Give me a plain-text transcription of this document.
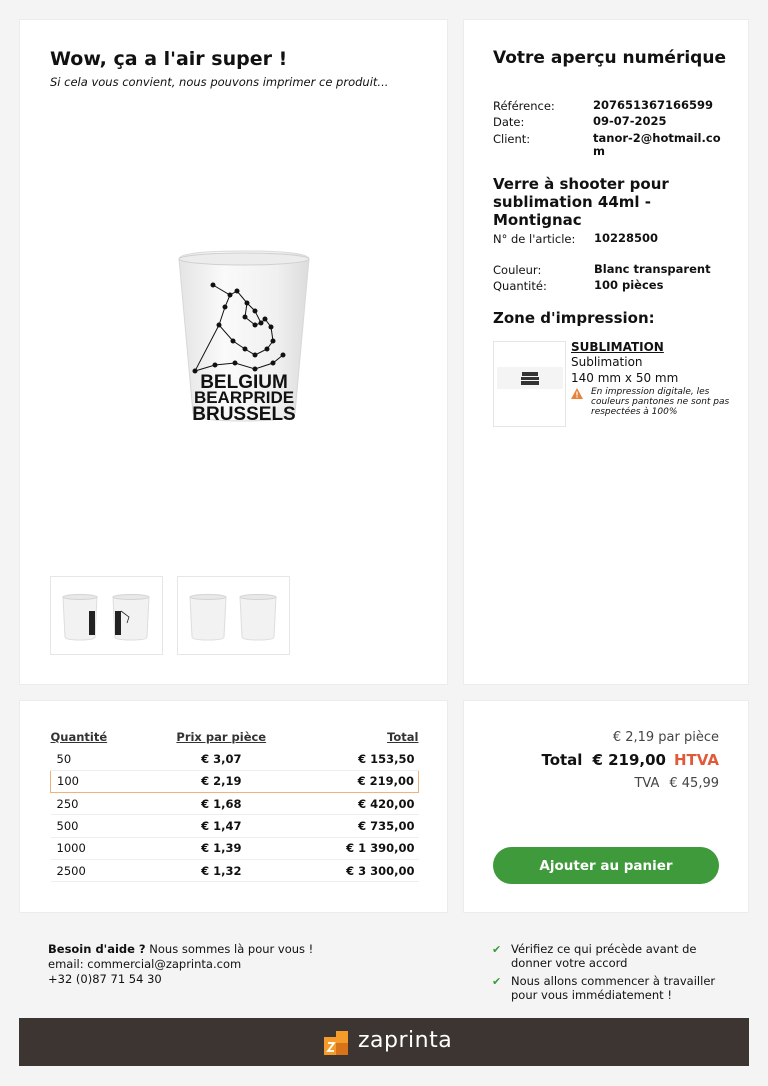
Wow, ça a l'air super !
Si cela vous convient, nous pouvons imprimer ce produit...
BELGIUM
BEARPRIDE
BRUSSELS
Votre aperçu numérique
Référence:	207651367166599
Date:	09-07-2025
Client:	tanor-2@hotmail.com
Verre à shooter pour sublimation 44ml - Montignac
N° de l'article:	10228500
Couleur:	Blanc transparent
Quantité:	100 pièces
Zone d'impression:
SUBLIMATION
Sublimation
140 mm x 50 mm
En impression digitale, les couleurs pantones ne sont pas respectées à 100%
Quantité	Prix par pièce	Total
50	€ 3,07	€ 153,50
100	€ 2,19	€ 219,00
250	€ 1,68	€ 420,00
500	€ 1,47	€ 735,00
1000	€ 1,39	€ 1 390,00
2500	€ 1,32	€ 3 300,00
€ 2,19 par pièce
Total € 219,00 HTVA
TVA € 45,99
Ajouter au panier
Besoin d'aide ? Nous sommes là pour vous !
email: commercial@zaprinta.com
+32 (0)87 71 54 30
✔ Vérifiez ce qui précède avant de donner votre accord
✔ Nous allons commencer à travailler pour vous immédiatement !
zaprinta
